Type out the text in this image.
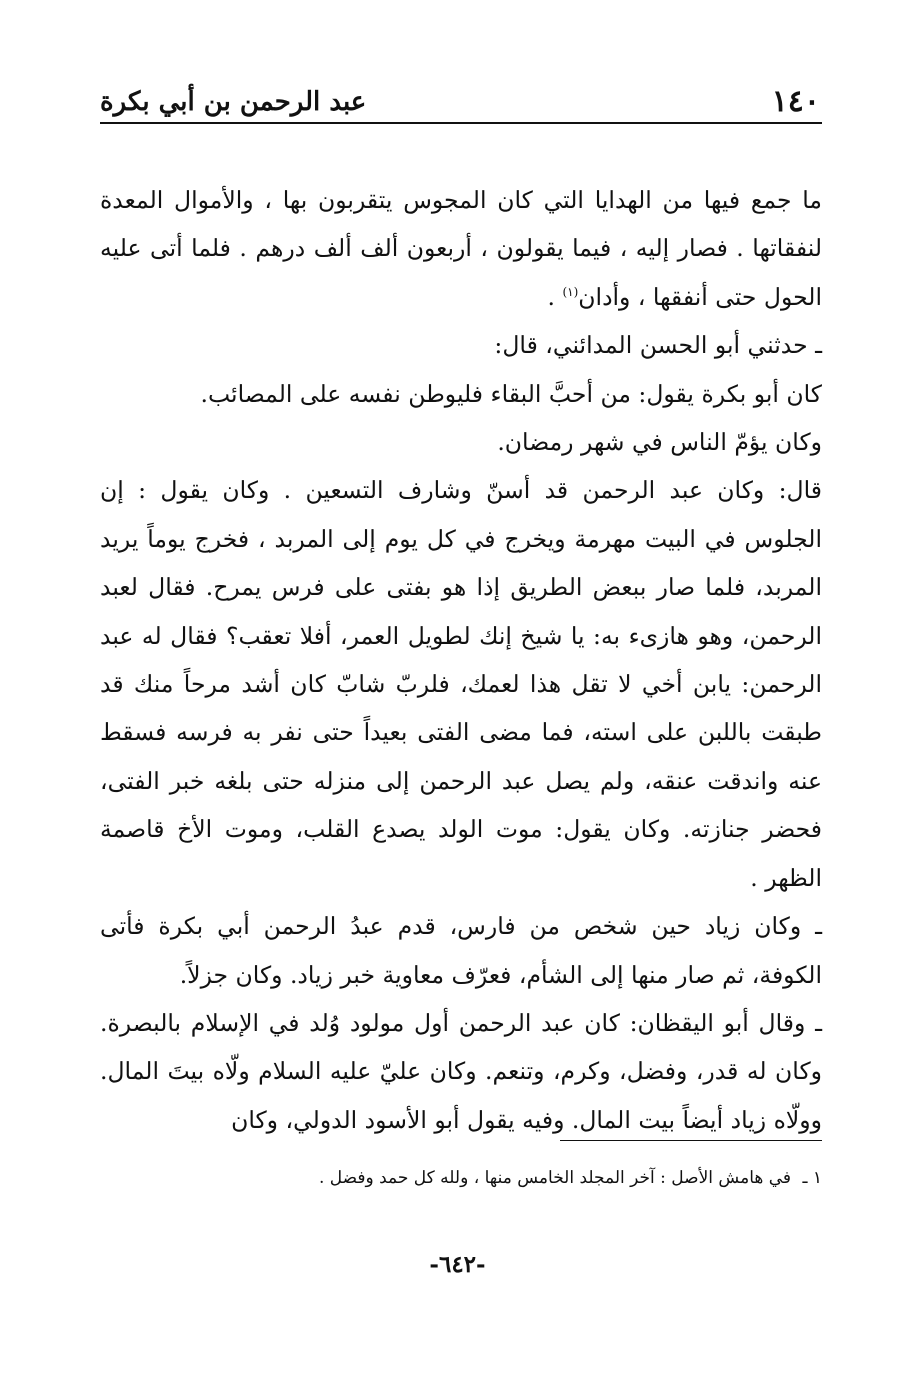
١٤٠
عبد الرحمن بن أبي بكرة

ما جمع فيها من الهدايا التي كان المجوس يتقربون بها ، والأموال المعدة لنفقاتها . فصار إليه ، فيما يقولون ، أربعون ألف ألف درهم . فلما أتى عليه الحول حتى أنفقها ، وأدان$^{(١)}$ .

ـ حدثني أبو الحسن المدائني، قال:

كان أبو بكرة يقول: من أحبَّ البقاء فليوطن نفسه على المصائب.

وكان يؤمّ الناس في شهر رمضان.

قال: وكان عبد الرحمن قد أسنّ وشارف التسعين . وكان يقول : إن الجلوس في البيت مهرمة ويخرج في كل يوم إلى المربد ، فخرج يوماً يريد المربد، فلما صار ببعض الطريق إذا هو بفتى على فرس يمرح. فقال لعبد الرحمن، وهو هازىء به: يا شيخ إنك لطويل العمر، أفلا تعقب؟ فقال له عبد الرحمن: يابن أخي لا تقل هذا لعمك، فلربّ شابّ كان أشد مرحاً منك قد طبقت باللبن على استه، فما مضى الفتى بعيداً حتى نفر به فرسه فسقط عنه واندقت عنقه، ولم يصل عبد الرحمن إلى منزله حتى بلغه خبر الفتى، فحضر جنازته. وكان يقول: موت الولد يصدع القلب، وموت الأخ قاصمة الظهر .

ـ وكان زياد حين شخص من فارس، قدم عبدُ الرحمن أبي بكرة فأتى الكوفة، ثم صار منها إلى الشأم، فعرّف معاوية خبر زياد. وكان جزلاً.

ـ وقال أبو اليقظان: كان عبد الرحمن أول مولود وُلد في الإسلام بالبصرة. وكان له قدر، وفضل، وكرم، وتنعم. وكان عليّ عليه السلام ولّاه بيتَ المال. وولّاه زياد أيضاً بيت المال. وفيه يقول أبو الأسود الدولي، وكان

١ ـ في هامش الأصل : آخر المجلد الخامس منها ، ولله كل حمد وفضل .
-٦٤٢-
